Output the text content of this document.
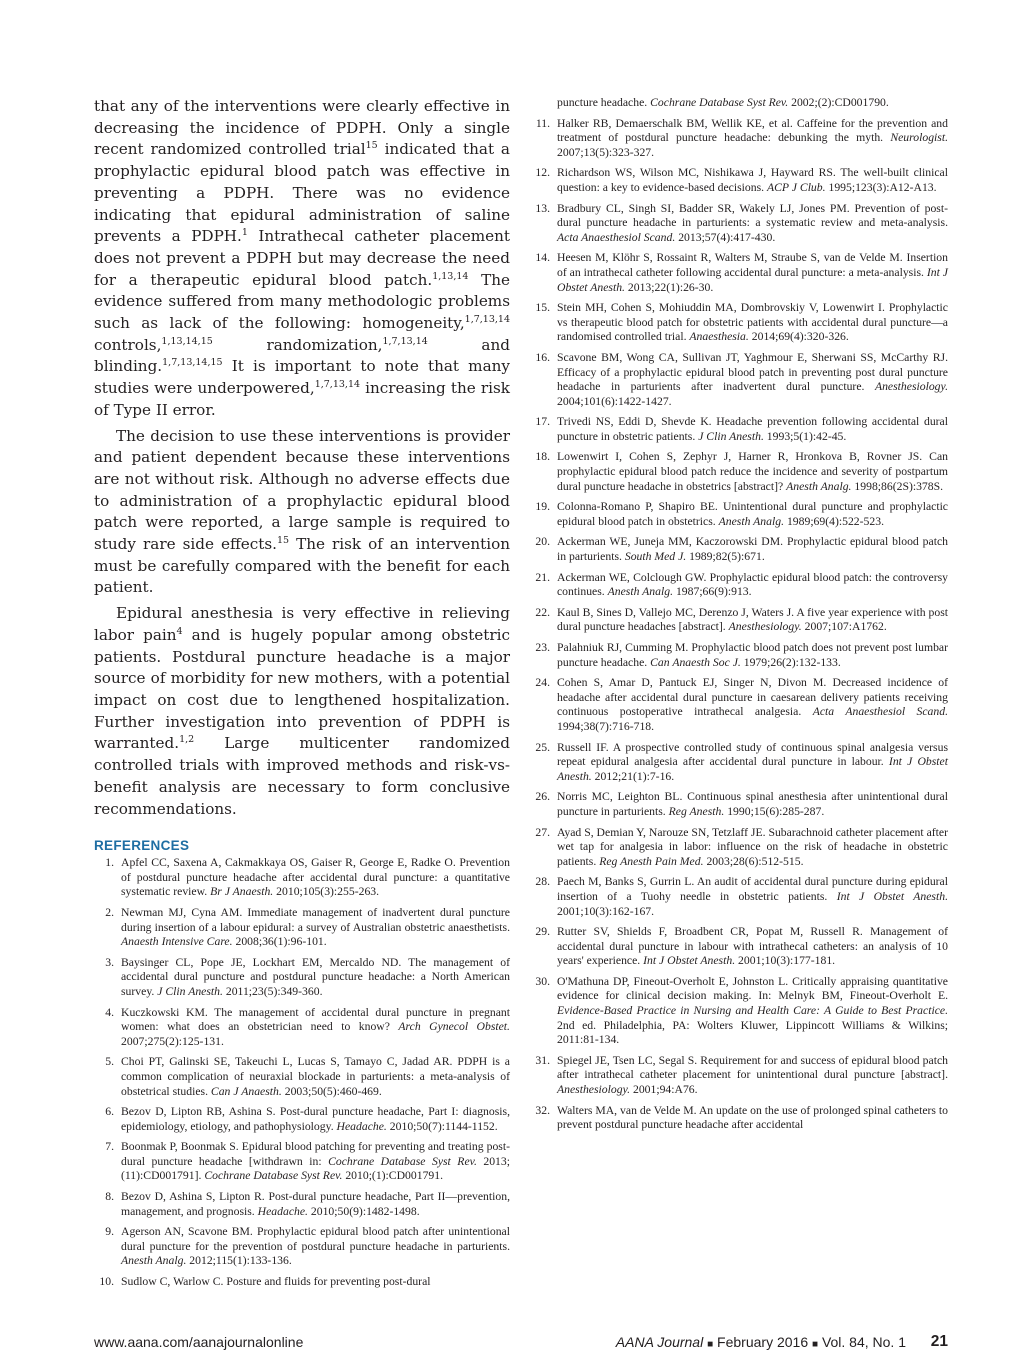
that any of the interventions were clearly effective in decreasing the incidence of PDPH. Only a single recent randomized controlled trial$^{15}$ indicated that a prophylactic epidural blood patch was effective in preventing a PDPH. There was no evidence indicating that epidural administration of saline prevents a PDPH.$^1$ Intrathecal catheter placement does not prevent a PDPH but may decrease the need for a therapeutic epidural blood patch.$^{1,13,14}$ The evidence suffered from many methodologic problems such as lack of the following: homogeneity,$^{1,7,13,14}$ controls,$^{1,13,14,15}$ randomization,$^{1,7,13,14}$ and blinding.$^{1,7,13,14,15}$ It is important to note that many studies were underpowered,$^{1,7,13,14}$ increasing the risk of Type II error.

The decision to use these interventions is provider and patient dependent because these interventions are not without risk. Although no adverse effects due to administration of a prophylactic epidural blood patch were reported, a large sample is required to study rare side effects.$^{15}$ The risk of an intervention must be carefully compared with the benefit for each patient.

Epidural anesthesia is very effective in relieving labor pain$^4$ and is hugely popular among obstetric patients. Postdural puncture headache is a major source of morbidity for new mothers, with a potential impact on cost due to lengthened hospitalization. Further investigation into prevention of PDPH is warranted.$^{1,2}$ Large multicenter randomized controlled trials with improved methods and risk-vs-benefit analysis are necessary to form conclusive recommendations.

REFERENCES
1. Apfel CC, Saxena A, Cakmakkaya OS, Gaiser R, George E, Radke O. Prevention of postdural puncture headache after accidental dural puncture: a quantitative systematic review. Br J Anaesth. 2010;105(3):255-263.
2. Newman MJ, Cyna AM. Immediate management of inadvertent dural puncture during insertion of a labour epidural: a survey of Australian obstetric anaesthetists. Anaesth Intensive Care. 2008;36(1):96-101.
3. Baysinger CL, Pope JE, Lockhart EM, Mercaldo ND. The management of accidental dural puncture and postdural puncture headache: a North American survey. J Clin Anesth. 2011;23(5):349-360.
4. Kuczkowski KM. The management of accidental dural puncture in pregnant women: what does an obstetrician need to know? Arch Gynecol Obstet. 2007;275(2):125-131.
5. Choi PT, Galinski SE, Takeuchi L, Lucas S, Tamayo C, Jadad AR. PDPH is a common complication of neuraxial blockade in parturients: a meta-analysis of obstetrical studies. Can J Anaesth. 2003;50(5):460-469.
6. Bezov D, Lipton RB, Ashina S. Post-dural puncture headache, Part I: diagnosis, epidemiology, etiology, and pathophysiology. Headache. 2010;50(7):1144-1152.
7. Boonmak P, Boonmak S. Epidural blood patching for preventing and treating post-dural puncture headache [withdrawn in: Cochrane Database Syst Rev. 2013;(11):CD001791]. Cochrane Database Syst Rev. 2010;(1):CD001791.
8. Bezov D, Ashina S, Lipton R. Post-dural puncture headache, Part II—prevention, management, and prognosis. Headache. 2010;50(9):1482-1498.
9. Agerson AN, Scavone BM. Prophylactic epidural blood patch after unintentional dural puncture for the prevention of postdural puncture headache in parturients. Anesth Analg. 2012;115(1):133-136.
10. Sudlow C, Warlow C. Posture and fluids for preventing post-dural
puncture headache. Cochrane Database Syst Rev. 2002;(2):CD001790.
11. Halker RB, Demaerschalk BM, Wellik KE, et al. Caffeine for the prevention and treatment of postdural puncture headache: debunking the myth. Neurologist. 2007;13(5):323-327.
12. Richardson WS, Wilson MC, Nishikawa J, Hayward RS. The well-built clinical question: a key to evidence-based decisions. ACP J Club. 1995;123(3):A12-A13.
13. Bradbury CL, Singh SI, Badder SR, Wakely LJ, Jones PM. Prevention of post-dural puncture headache in parturients: a systematic review and meta-analysis. Acta Anaesthesiol Scand. 2013;57(4):417-430.
14. Heesen M, Klöhr S, Rossaint R, Walters M, Straube S, van de Velde M. Insertion of an intrathecal catheter following accidental dural puncture: a meta-analysis. Int J Obstet Anesth. 2013;22(1):26-30.
15. Stein MH, Cohen S, Mohiuddin MA, Dombrovskiy V, Lowenwirt I. Prophylactic vs therapeutic blood patch for obstetric patients with accidental dural puncture—a randomised controlled trial. Anaesthesia. 2014;69(4):320-326.
16. Scavone BM, Wong CA, Sullivan JT, Yaghmour E, Sherwani SS, McCarthy RJ. Efficacy of a prophylactic epidural blood patch in preventing post dural puncture headache in parturients after inadvertent dural puncture. Anesthesiology. 2004;101(6):1422-1427.
17. Trivedi NS, Eddi D, Shevde K. Headache prevention following accidental dural puncture in obstetric patients. J Clin Anesth. 1993;5(1):42-45.
18. Lowenwirt I, Cohen S, Zephyr J, Harner R, Hronkova B, Rovner JS. Can prophylactic epidural blood patch reduce the incidence and severity of postpartum dural puncture headache in obstetrics [abstract]? Anesth Analg. 1998;86(2S):378S.
19. Colonna-Romano P, Shapiro BE. Unintentional dural puncture and prophylactic epidural blood patch in obstetrics. Anesth Analg. 1989;69(4):522-523.
20. Ackerman WE, Juneja MM, Kaczorowski DM. Prophylactic epidural blood patch in parturients. South Med J. 1989;82(5):671.
21. Ackerman WE, Colclough GW. Prophylactic epidural blood patch: the controversy continues. Anesth Analg. 1987;66(9):913.
22. Kaul B, Sines D, Vallejo MC, Derenzo J, Waters J. A five year experience with post dural puncture headaches [abstract]. Anesthesiology. 2007;107:A1762.
23. Palahniuk RJ, Cumming M. Prophylactic blood patch does not prevent post lumbar puncture headache. Can Anaesth Soc J. 1979;26(2):132-133.
24. Cohen S, Amar D, Pantuck EJ, Singer N, Divon M. Decreased incidence of headache after accidental dural puncture in caesarean delivery patients receiving continuous postoperative intrathecal analgesia. Acta Anaesthesiol Scand. 1994;38(7):716-718.
25. Russell IF. A prospective controlled study of continuous spinal analgesia versus repeat epidural analgesia after accidental dural puncture in labour. Int J Obstet Anesth. 2012;21(1):7-16.
26. Norris MC, Leighton BL. Continuous spinal anesthesia after unintentional dural puncture in parturients. Reg Anesth. 1990;15(6):285-287.
27. Ayad S, Demian Y, Narouze SN, Tetzlaff JE. Subarachnoid catheter placement after wet tap for analgesia in labor: influence on the risk of headache in obstetric patients. Reg Anesth Pain Med. 2003;28(6):512-515.
28. Paech M, Banks S, Gurrin L. An audit of accidental dural puncture during epidural insertion of a Tuohy needle in obstetric patients. Int J Obstet Anesth. 2001;10(3):162-167.
29. Rutter SV, Shields F, Broadbent CR, Popat M, Russell R. Management of accidental dural puncture in labour with intrathecal catheters: an analysis of 10 years' experience. Int J Obstet Anesth. 2001;10(3):177-181.
30. O'Mathuna DP, Fineout-Overholt E, Johnston L. Critically appraising quantitative evidence for clinical decision making. In: Melnyk BM, Fineout-Overholt E. Evidence-Based Practice in Nursing and Health Care: A Guide to Best Practice. 2nd ed. Philadelphia, PA: Wolters Kluwer, Lippincott Williams & Wilkins; 2011:81-134.
31. Spiegel JE, Tsen LC, Segal S. Requirement for and success of epidural blood patch after intrathecal catheter placement for unintentional dural puncture [abstract]. Anesthesiology. 2001;94:A76.
32. Walters MA, van de Velde M. An update on the use of prolonged spinal catheters to prevent postdural puncture headache after accidental
www.aana.com/aanajournalonline	AANA Journal ■ February 2016 ■ Vol. 84, No. 1 21
